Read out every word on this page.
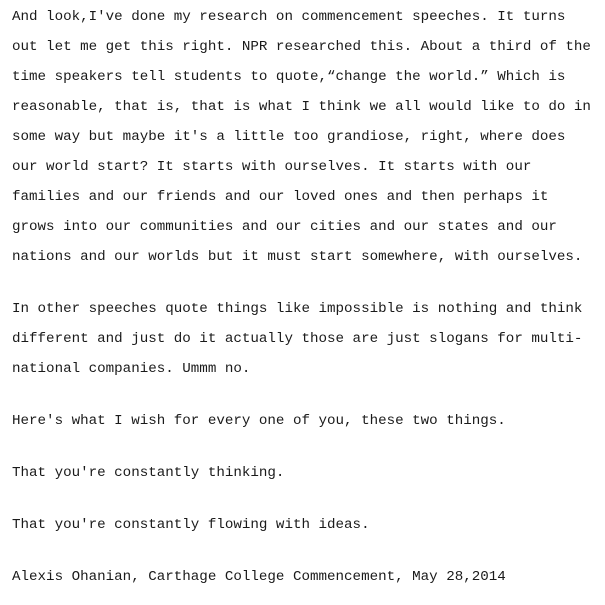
And look,I've done my research on commencement speeches. It turns
out let me get this right. NPR researched this. About a third of the
time speakers tell students to quote,“change the world.” Which is
reasonable, that is, that is what I think we all would like to do in
some way but maybe it's a little too grandiose, right, where does
our world start? It starts with ourselves. It starts with our
families and our friends and our loved ones and then perhaps it
grows into our communities and our cities and our states and our
nations and our worlds but it must start somewhere, with ourselves.
In other speeches quote things like impossible is nothing and think
different and just do it actually those are just slogans for multi-
national companies. Ummm no.
Here's what I wish for every one of you, these two things.
That you're constantly thinking.
That you're constantly flowing with ideas.
Alexis Ohanian, Carthage College Commencement, May 28,2014
